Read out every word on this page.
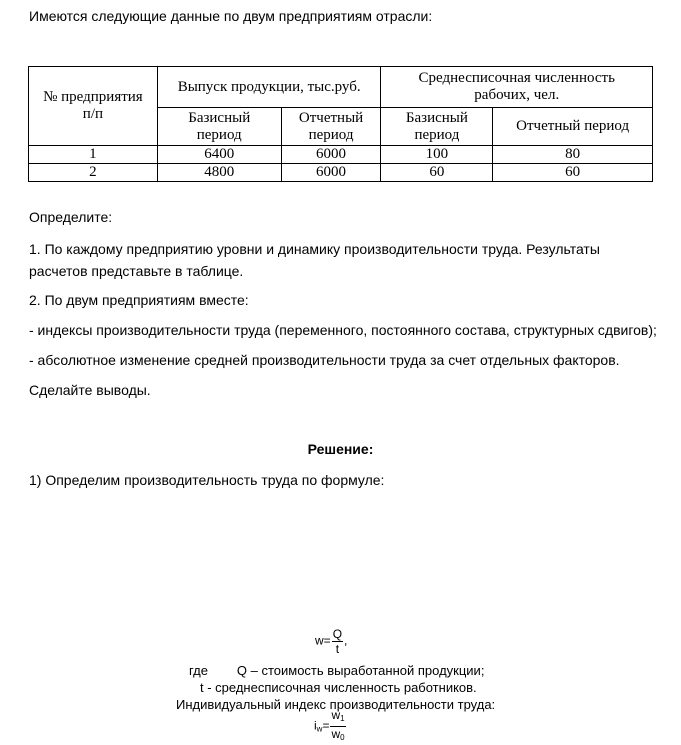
Имеются следующие данные по двум предприятиям отрасли:

№ предприятия
п/п	Выпуск продукции, тыс.руб.		Среднесписочная численность
рабочих, чел.	
	Базисный
период	Отчетный
период	Базисный
период	Отчетный период
1	6400	6000	100	80
2	4800	6000	60	60

Определите:

1. По каждому предприятию уровни и динамику производительности труда. Результаты расчетов представьте в таблице.

2. По двум предприятиям вместе:

- индексы производительности труда (переменного, постоянного состава, структурных сдвигов);

- абсолютное изменение средней производительности труда за счет отдельных факторов.

Сделайте выводы.

Решение:

1) Определим производительность труда по формуле:

$w= \frac{Q}{t}$ ,

где Q – стоимость выработанной продукции;

t - среднесписочная численность работников.

Индивидуальный индекс производительности труда:

$i_w= \frac{w_1}{w_0}$
